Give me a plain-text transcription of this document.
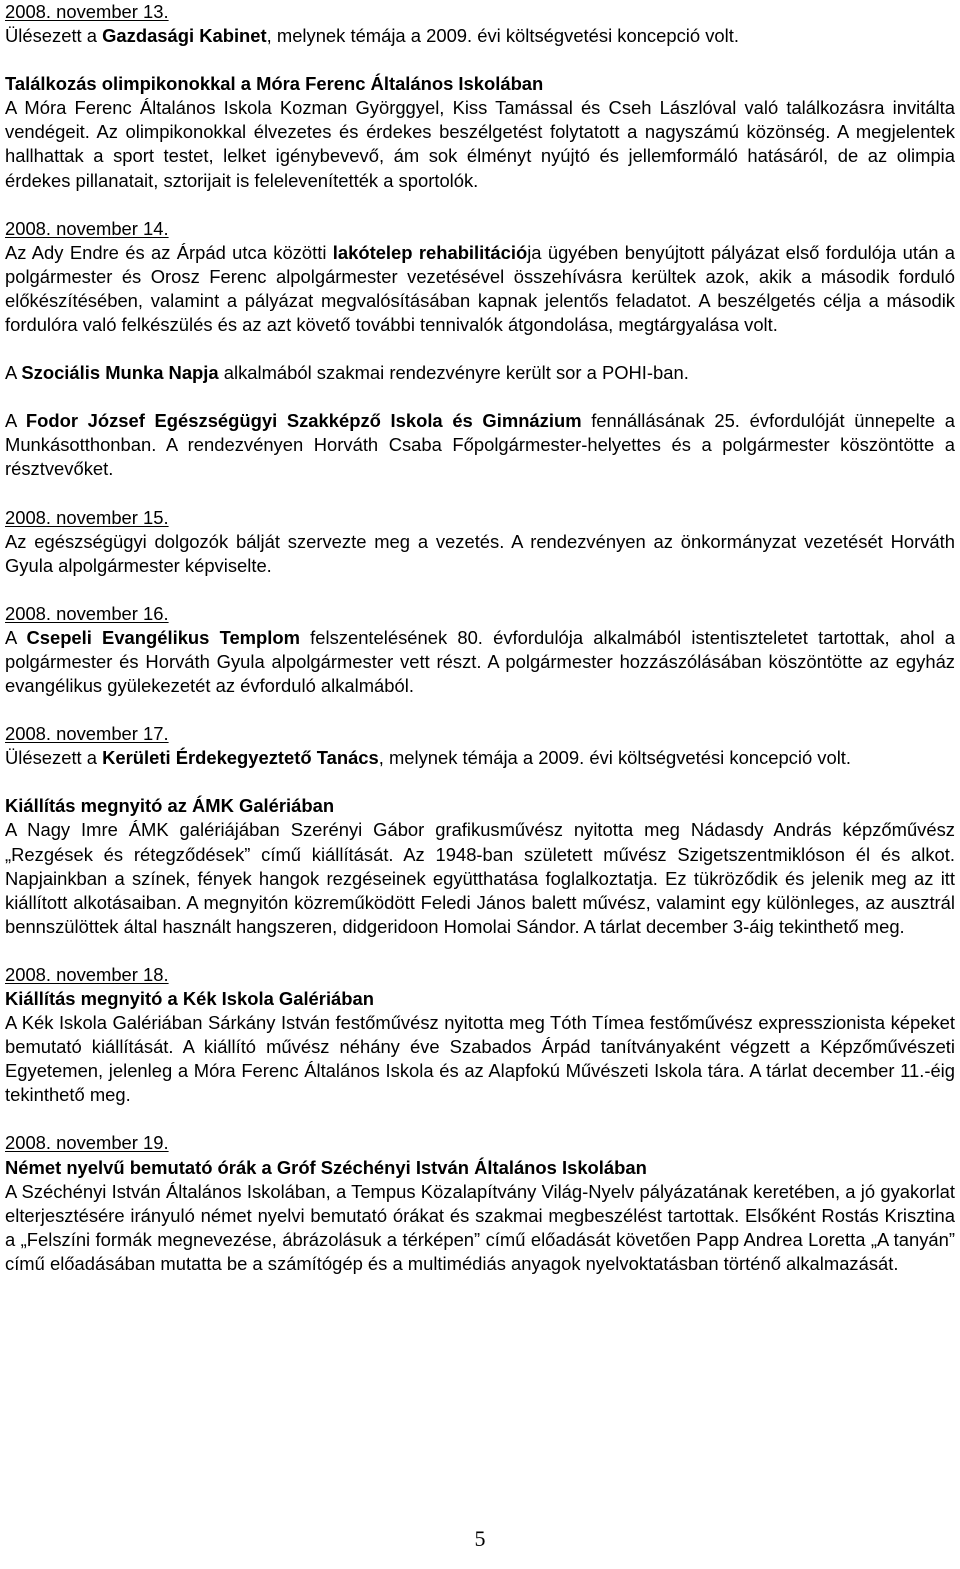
2008. november 13.

Ülésezett a Gazdasági Kabinet, melynek témája a 2009. évi költségvetési koncepció volt.

Találkozás olimpikonokkal a Móra Ferenc Általános Iskolában

A Móra Ferenc Általános Iskola Kozman Györggyel, Kiss Tamással és Cseh Lászlóval való találkozásra invitálta vendégeit. Az olimpikonokkal élvezetes és érdekes beszélgetést folytatott a nagyszámú közönség. A megjelentek hallhattak a sport testet, lelket igénybevevő, ám sok élményt nyújtó és jellemformáló hatásáról, de az olimpia érdekes pillanatait, sztorijait is felelevenítették a sportolók.

2008. november 14.

Az Ady Endre és az Árpád utca közötti lakótelep rehabilitációja ügyében benyújtott pályázat első fordulója után a polgármester és Orosz Ferenc alpolgármester vezetésével összehívásra kerültek azok, akik a második forduló előkészítésében, valamint a pályázat megvalósításában kapnak jelentős feladatot. A beszélgetés célja a második fordulóra való felkészülés és az azt követő további tennivalók átgondolása, megtárgyalása volt.

A Szociális Munka Napja alkalmából szakmai rendezvényre került sor a POHI-ban.

A Fodor József Egészségügyi Szakképző Iskola és Gimnázium fennállásának 25. évfordulóját ünnepelte a Munkásotthonban. A rendezvényen Horváth Csaba Főpolgármester-helyettes és a polgármester köszöntötte a résztvevőket.

2008. november 15.

Az egészségügyi dolgozók bálját szervezte meg a vezetés. A rendezvényen az önkormányzat vezetését Horváth Gyula alpolgármester képviselte.

2008. november 16.

A Csepeli Evangélikus Templom felszentelésének 80. évfordulója alkalmából istentiszteletet tartottak, ahol a polgármester és Horváth Gyula alpolgármester vett részt. A polgármester hozzászólásában köszöntötte az egyház evangélikus gyülekezetét az évforduló alkalmából.

2008. november 17.

Ülésezett a Kerületi Érdekegyeztető Tanács, melynek témája a 2009. évi költségvetési koncepció volt.

Kiállítás megnyitó az ÁMK Galériában

A Nagy Imre ÁMK galériájában Szerényi Gábor grafikusművész nyitotta meg Nádasdy András képzőművész „Rezgések és rétegződések” című kiállítását. Az 1948-ban született művész Szigetszentmiklóson él és alkot. Napjainkban a színek, fények hangok rezgéseinek együtthatása foglalkoztatja. Ez tükröződik és jelenik meg az itt kiállított alkotásaiban. A megnyitón közreműködött Feledi János balett művész, valamint egy különleges, az ausztrál bennszülöttek által használt hangszeren, didgeridoon Homolai Sándor. A tárlat december 3-áig tekinthető meg.

2008. november 18.

Kiállítás megnyitó a Kék Iskola Galériában

A Kék Iskola Galériában Sárkány István festőművész nyitotta meg Tóth Tímea festőművész expresszionista képeket bemutató kiállítását. A kiállító művész néhány éve Szabados Árpád tanítványaként végzett a Képzőművészeti Egyetemen, jelenleg a Móra Ferenc Általános Iskola és az Alapfokú Művészeti Iskola tára. A tárlat december 11.-éig tekinthető meg.

2008. november 19.

Német nyelvű bemutató órák a Gróf Széchényi István Általános Iskolában

A Széchényi István Általános Iskolában, a Tempus Közalapítvány Világ-Nyelv pályázatának keretében, a jó gyakorlat elterjesztésére irányuló német nyelvi bemutató órákat és szakmai megbeszélést tartottak. Elsőként Rostás Krisztina a „Felszíni formák megnevezése, ábrázolásuk a térképen” című előadását követően Papp Andrea Loretta „A tanyán” című előadásában mutatta be a számítógép és a multimédiás anyagok nyelvoktatásban történő alkalmazását.

5
